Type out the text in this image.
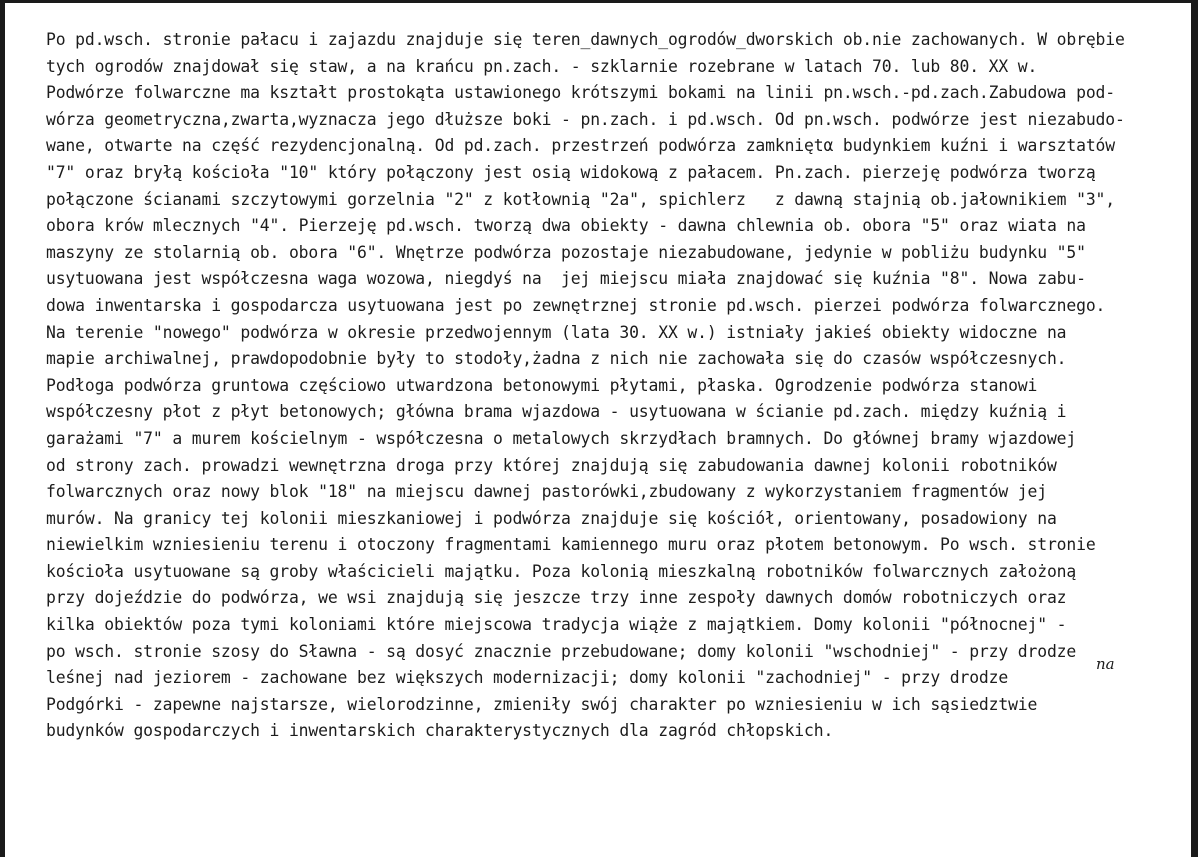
Po pd.wsch. stronie pałacu i zajazdu znajduje się teren_dawnych_ogrodów_dworskich ob.nie zachowanych. W obrębie
tych ogrodów znajdował się staw, a na krańcu pn.zach. - szklarnie rozebrane w latach 70. lub 80. XX w.
Podwórze folwarczne ma kształt prostokąta ustawionego krótszymi bokami na linii pn.wsch.-pd.zach.Zabudowa pod-
wórza geometryczna,zwarta,wyznacza jego dłuższe boki - pn.zach. i pd.wsch. Od pn.wsch. podwórze jest niezabudo-
wane, otwarte na część rezydencjonalną. Od pd.zach. przestrzeń podwórza zamkniętα budynkiem kuźni i warsztatów
"7" oraz bryłą kościoła "10" który połączony jest osią widokową z pałacem. Pn.zach. pierzeję podwórza tworzą
połączone ścianami szczytowymi gorzelnia "2" z kotłownią "2a", spichlerz   z dawną stajnią ob.jałownikiem "3",
obora krów mlecznych "4". Pierzeję pd.wsch. tworzą dwa obiekty - dawna chlewnia ob. obora "5" oraz wiata na
maszyny ze stolarnią ob. obora "6". Wnętrze podwórza pozostaje niezabudowane, jedynie w pobliżu budynku "5"
usytuowana jest współczesna waga wozowa, niegdyś na  jej miejscu miała znajdować się kuźnia "8". Nowa zabu-
dowa inwentarska i gospodarcza usytuowana jest po zewnętrznej stronie pd.wsch. pierzei podwórza folwarcznego.
Na terenie "nowego" podwórza w okresie przedwojennym (lata 30. XX w.) istniały jakieś obiekty widoczne na
mapie archiwalnej, prawdopodobnie były to stodoły,żadna z nich nie zachowała się do czasów współczesnych.
Podłoga podwórza gruntowa częściowo utwardzona betonowymi płytami, płaska. Ogrodzenie podwórza stanowi
współczesny płot z płyt betonowych; główna brama wjazdowa - usytuowana w ścianie pd.zach. między kuźnią i
garażami "7" a murem kościelnym - współczesna o metalowych skrzydłach bramnych. Do głównej bramy wjazdowej
od strony zach. prowadzi wewnętrzna droga przy której znajdują się zabudowania dawnej kolonii robotników
folwarcznych oraz nowy blok "18" na miejscu dawnej pastorówki,zbudowany z wykorzystaniem fragmentów jej
murów. Na granicy tej kolonii mieszkaniowej i podwórza znajduje się kościół, orientowany, posadowiony na
niewielkim wzniesieniu terenu i otoczony fragmentami kamiennego muru oraz płotem betonowym. Po wsch. stronie
kościoła usytuowane są groby właścicieli majątku. Poza kolonią mieszkalną robotników folwarcznych założoną
przy dojeździe do podwórza, we wsi znajdują się jeszcze trzy inne zespoły dawnych domów robotniczych oraz
kilka obiektów poza tymi koloniami które miejscowa tradycja wiąże z majątkiem. Domy kolonii "północnej" -
po wsch. stronie szosy do Sławna - są dosyć znacznie przebudowane; domy kolonii "wschodniej" - przy drodze
leśnej nad jeziorem - zachowane bez większych modernizacji; domy kolonii "zachodniej" - przy drodze
Podgórki - zapewne najstarsze, wielorodzinne, zmieniły swój charakter po wzniesieniu w ich sąsiedztwie
budynków gospodarczych i inwentarskich charakterystycznych dla zagród chłopskich.
na
